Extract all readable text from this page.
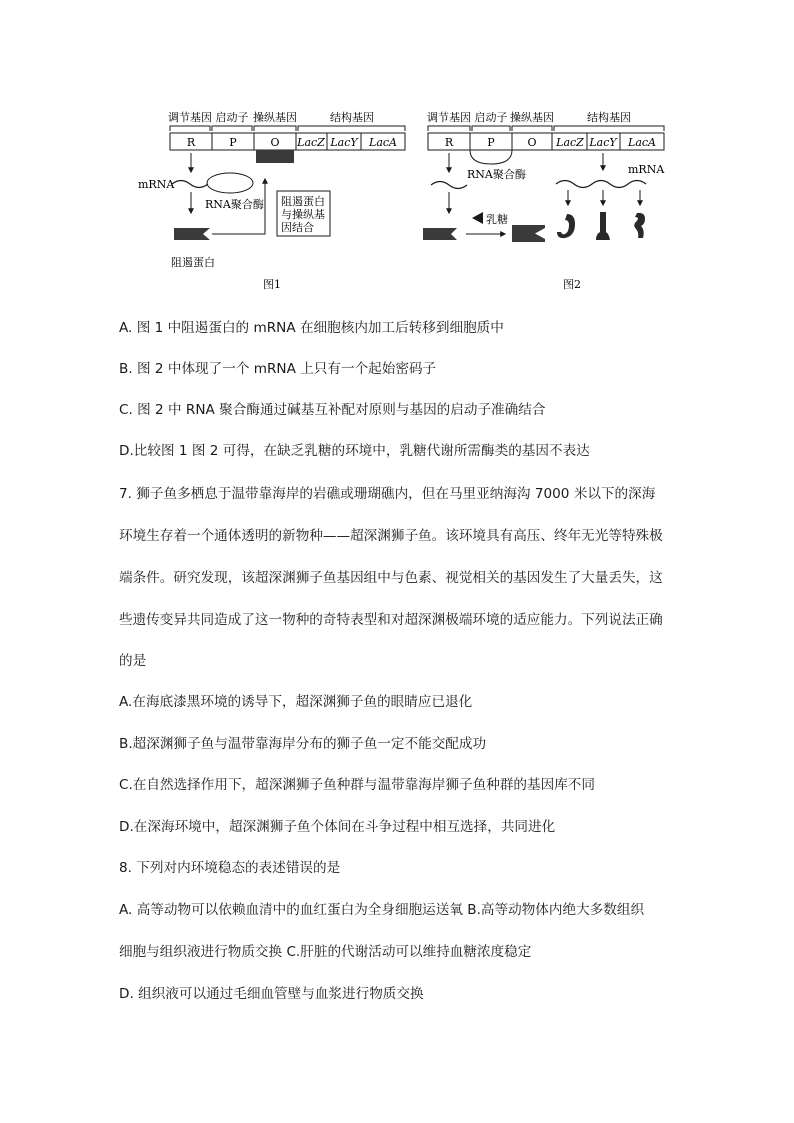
调节基因 启动子 操纵基因	结构基因
R	P	O LacZ LacY LacA
mRNA
RNA聚合酶
阻遏蛋白
阻遏蛋白
与操纵基
因结合
图1
调节基因 启动子 操纵基因	结构基因
R	P	O LacZ LacY LacA
RNA聚合酶
乳糖
mRNA
图2
A. 图 1 中阻遏蛋白的 mRNA 在细胞核内加工后转移到细胞质中
B. 图 2 中体现了一个 mRNA 上只有一个起始密码子
C. 图 2 中 RNA 聚合酶通过碱基互补配对原则与基因的启动子准确结合
D.比较图 1 图 2 可得，在缺乏乳糖的环境中，乳糖代谢所需酶类的基因不表达
7. 狮子鱼多栖息于温带靠海岸的岩礁或珊瑚礁内，但在马里亚纳海沟 7000 米以下的深海
环境生存着一个通体透明的新物种——超深渊狮子鱼。该环境具有高压、终年无光等特殊极
端条件。研究发现，该超深渊狮子鱼基因组中与色素、视觉相关的基因发生了大量丢失，这
些遗传变异共同造成了这一物种的奇特表型和对超深渊极端环境的适应能力。下列说法正确
的是
A.在海底漆黑环境的诱导下，超深渊狮子鱼的眼睛应已退化
B.超深渊狮子鱼与温带靠海岸分布的狮子鱼一定不能交配成功
C.在自然选择作用下，超深渊狮子鱼种群与温带靠海岸狮子鱼种群的基因库不同
D.在深海环境中，超深渊狮子鱼个体间在斗争过程中相互选择，共同进化
8. 下列对内环境稳态的表述错误的是
A. 高等动物可以依赖血清中的血红蛋白为全身细胞运送氧 B.高等动物体内绝大多数组织
细胞与组织液进行物质交换 C.肝脏的代谢活动可以维持血糖浓度稳定
D. 组织液可以通过毛细血管壁与血浆进行物质交换
